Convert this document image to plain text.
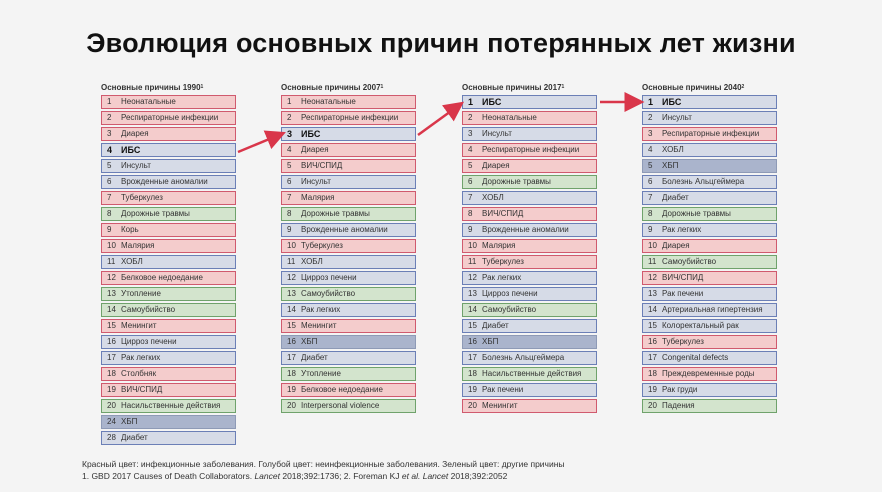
Эволюция основных причин потерянных лет жизни
Основные причины 1990$^1$
1 Неонатальные
2 Респираторные инфекции
3 Диарея
4 ИБС
5 Инсульт
6 Врожденные аномалии
7 Туберкулез
8 Дорожные травмы
9 Корь
10 Малярия
11 ХОБЛ
12 Белковое недоедание
13 Утопление
14 Самоубийство
15 Менингит
16 Цирроз печени
17 Рак легких
18 Столбняк
19 ВИЧ/СПИД
20 Насильственные действия
24 ХБП
28 Диабет
Основные причины 2007$^1$
1 Неонатальные
2 Респираторные инфекции
3 ИБС
4 Диарея
5 ВИЧ/СПИД
6 Инсульт
7 Малярия
8 Дорожные травмы
9 Врожденные аномалии
10 Туберкулез
11 ХОБЛ
12 Цирроз печени
13 Самоубийство
14 Рак легких
15 Менингит
16 ХБП
17 Диабет
18 Утопление
19 Белковое недоедание
20 Interpersonal violence
Основные причины 2017$^1$
1 ИБС
2 Неонатальные
3 Инсульт
4 Респираторные инфекции
5 Диарея
6 Дорожные травмы
7 ХОБЛ
8 ВИЧ/СПИД
9 Врожденные аномалии
10 Малярия
11 Туберкулез
12 Рак легких
13 Цирроз печени
14 Самоубийство
15 Диабет
16 ХБП
17 Болезнь Альцгеймера
18 Насильственные действия
19 Рак печени
20 Менингит
Основные причины 2040$^2$
1 ИБС
2 Инсульт
3 Респираторные инфекции
4 ХОБЛ
5 ХБП
6 Болезнь Альцгеймера
7 Диабет
8 Дорожные травмы
9 Рак легких
10 Диарея
11 Самоубийство
12 ВИЧ/СПИД
13 Рак печени
14 Артериальная гипертензия
15 Колоректальный рак
16 Туберкулез
17 Congenital defects
18 Преждевременные роды
19 Рак груди
20 Падения
Красный цвет: инфекционные заболевания. Голубой цвет: неинфекционные заболевания. Зеленый цвет: другие причины
1. GBD 2017 Causes of Death Collaborators. Lancet 2018;392:1736; 2. Foreman KJ et al. Lancet 2018;392:2052
